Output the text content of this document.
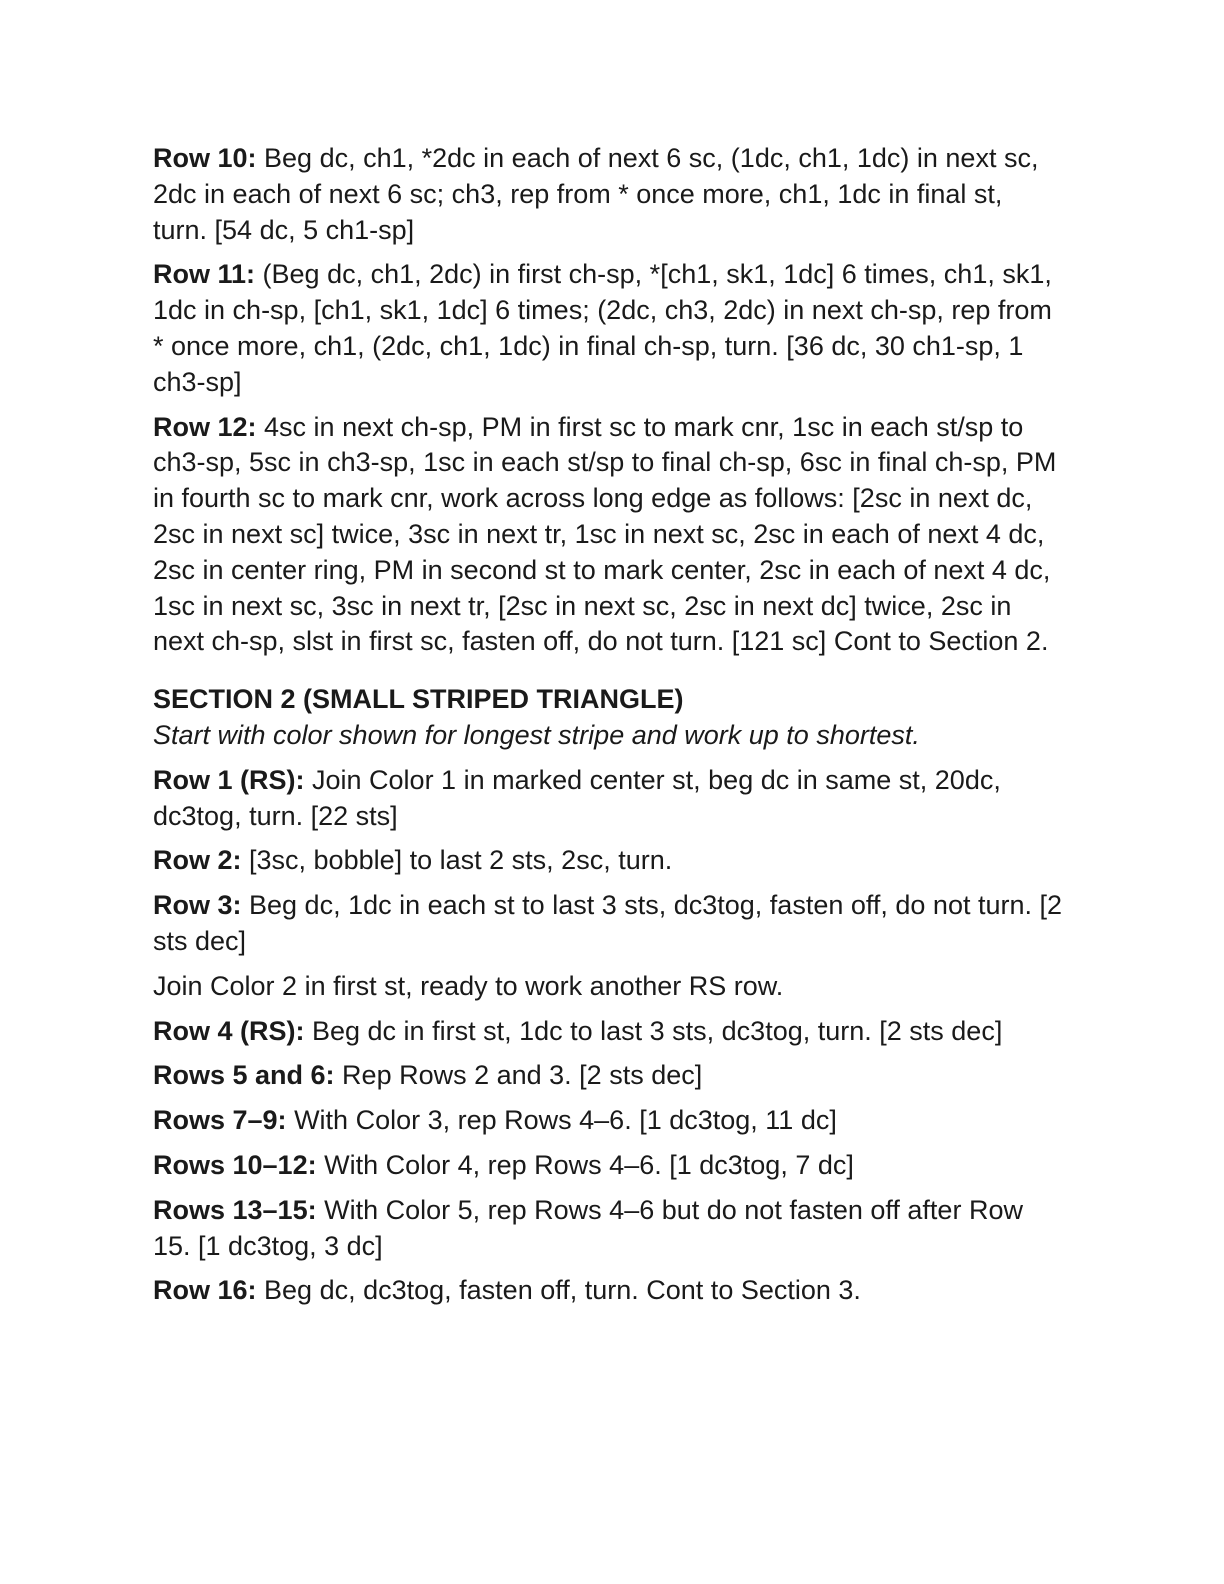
Row 10: Beg dc, ch1, *2dc in each of next 6 sc, (1dc, ch1, 1dc) in next sc, 2dc in each of next 6 sc; ch3, rep from * once more, ch1, 1dc in final st, turn. [54 dc, 5 ch1-sp]

Row 11: (Beg dc, ch1, 2dc) in first ch-sp, *[ch1, sk1, 1dc] 6 times, ch1, sk1, 1dc in ch-sp, [ch1, sk1, 1dc] 6 times; (2dc, ch3, 2dc) in next ch-sp, rep from * once more, ch1, (2dc, ch1, 1dc) in final ch-sp, turn. [36 dc, 30 ch1-sp, 1 ch3-sp]

Row 12: 4sc in next ch-sp, PM in first sc to mark cnr, 1sc in each st/sp to ch3-sp, 5sc in ch3-sp, 1sc in each st/sp to final ch-sp, 6sc in final ch-sp, PM in fourth sc to mark cnr, work across long edge as follows: [2sc in next dc, 2sc in next sc] twice, 3sc in next tr, 1sc in next sc, 2sc in each of next 4 dc, 2sc in center ring, PM in second st to mark center, 2sc in each of next 4 dc, 1sc in next sc, 3sc in next tr, [2sc in next sc, 2sc in next dc] twice, 2sc in next ch-sp, slst in first sc, fasten off, do not turn. [121 sc] Cont to Section 2.

SECTION 2 (SMALL STRIPED TRIANGLE)

Start with color shown for longest stripe and work up to shortest.

Row 1 (RS): Join Color 1 in marked center st, beg dc in same st, 20dc, dc3tog, turn. [22 sts]

Row 2: [3sc, bobble] to last 2 sts, 2sc, turn.

Row 3: Beg dc, 1dc in each st to last 3 sts, dc3tog, fasten off, do not turn. [2 sts dec]

Join Color 2 in first st, ready to work another RS row.

Row 4 (RS): Beg dc in first st, 1dc to last 3 sts, dc3tog, turn. [2 sts dec]

Rows 5 and 6: Rep Rows 2 and 3. [2 sts dec]

Rows 7–9: With Color 3, rep Rows 4–6. [1 dc3tog, 11 dc]

Rows 10–12: With Color 4, rep Rows 4–6. [1 dc3tog, 7 dc]

Rows 13–15: With Color 5, rep Rows 4–6 but do not fasten off after Row 15. [1 dc3tog, 3 dc]

Row 16: Beg dc, dc3tog, fasten off, turn. Cont to Section 3.
